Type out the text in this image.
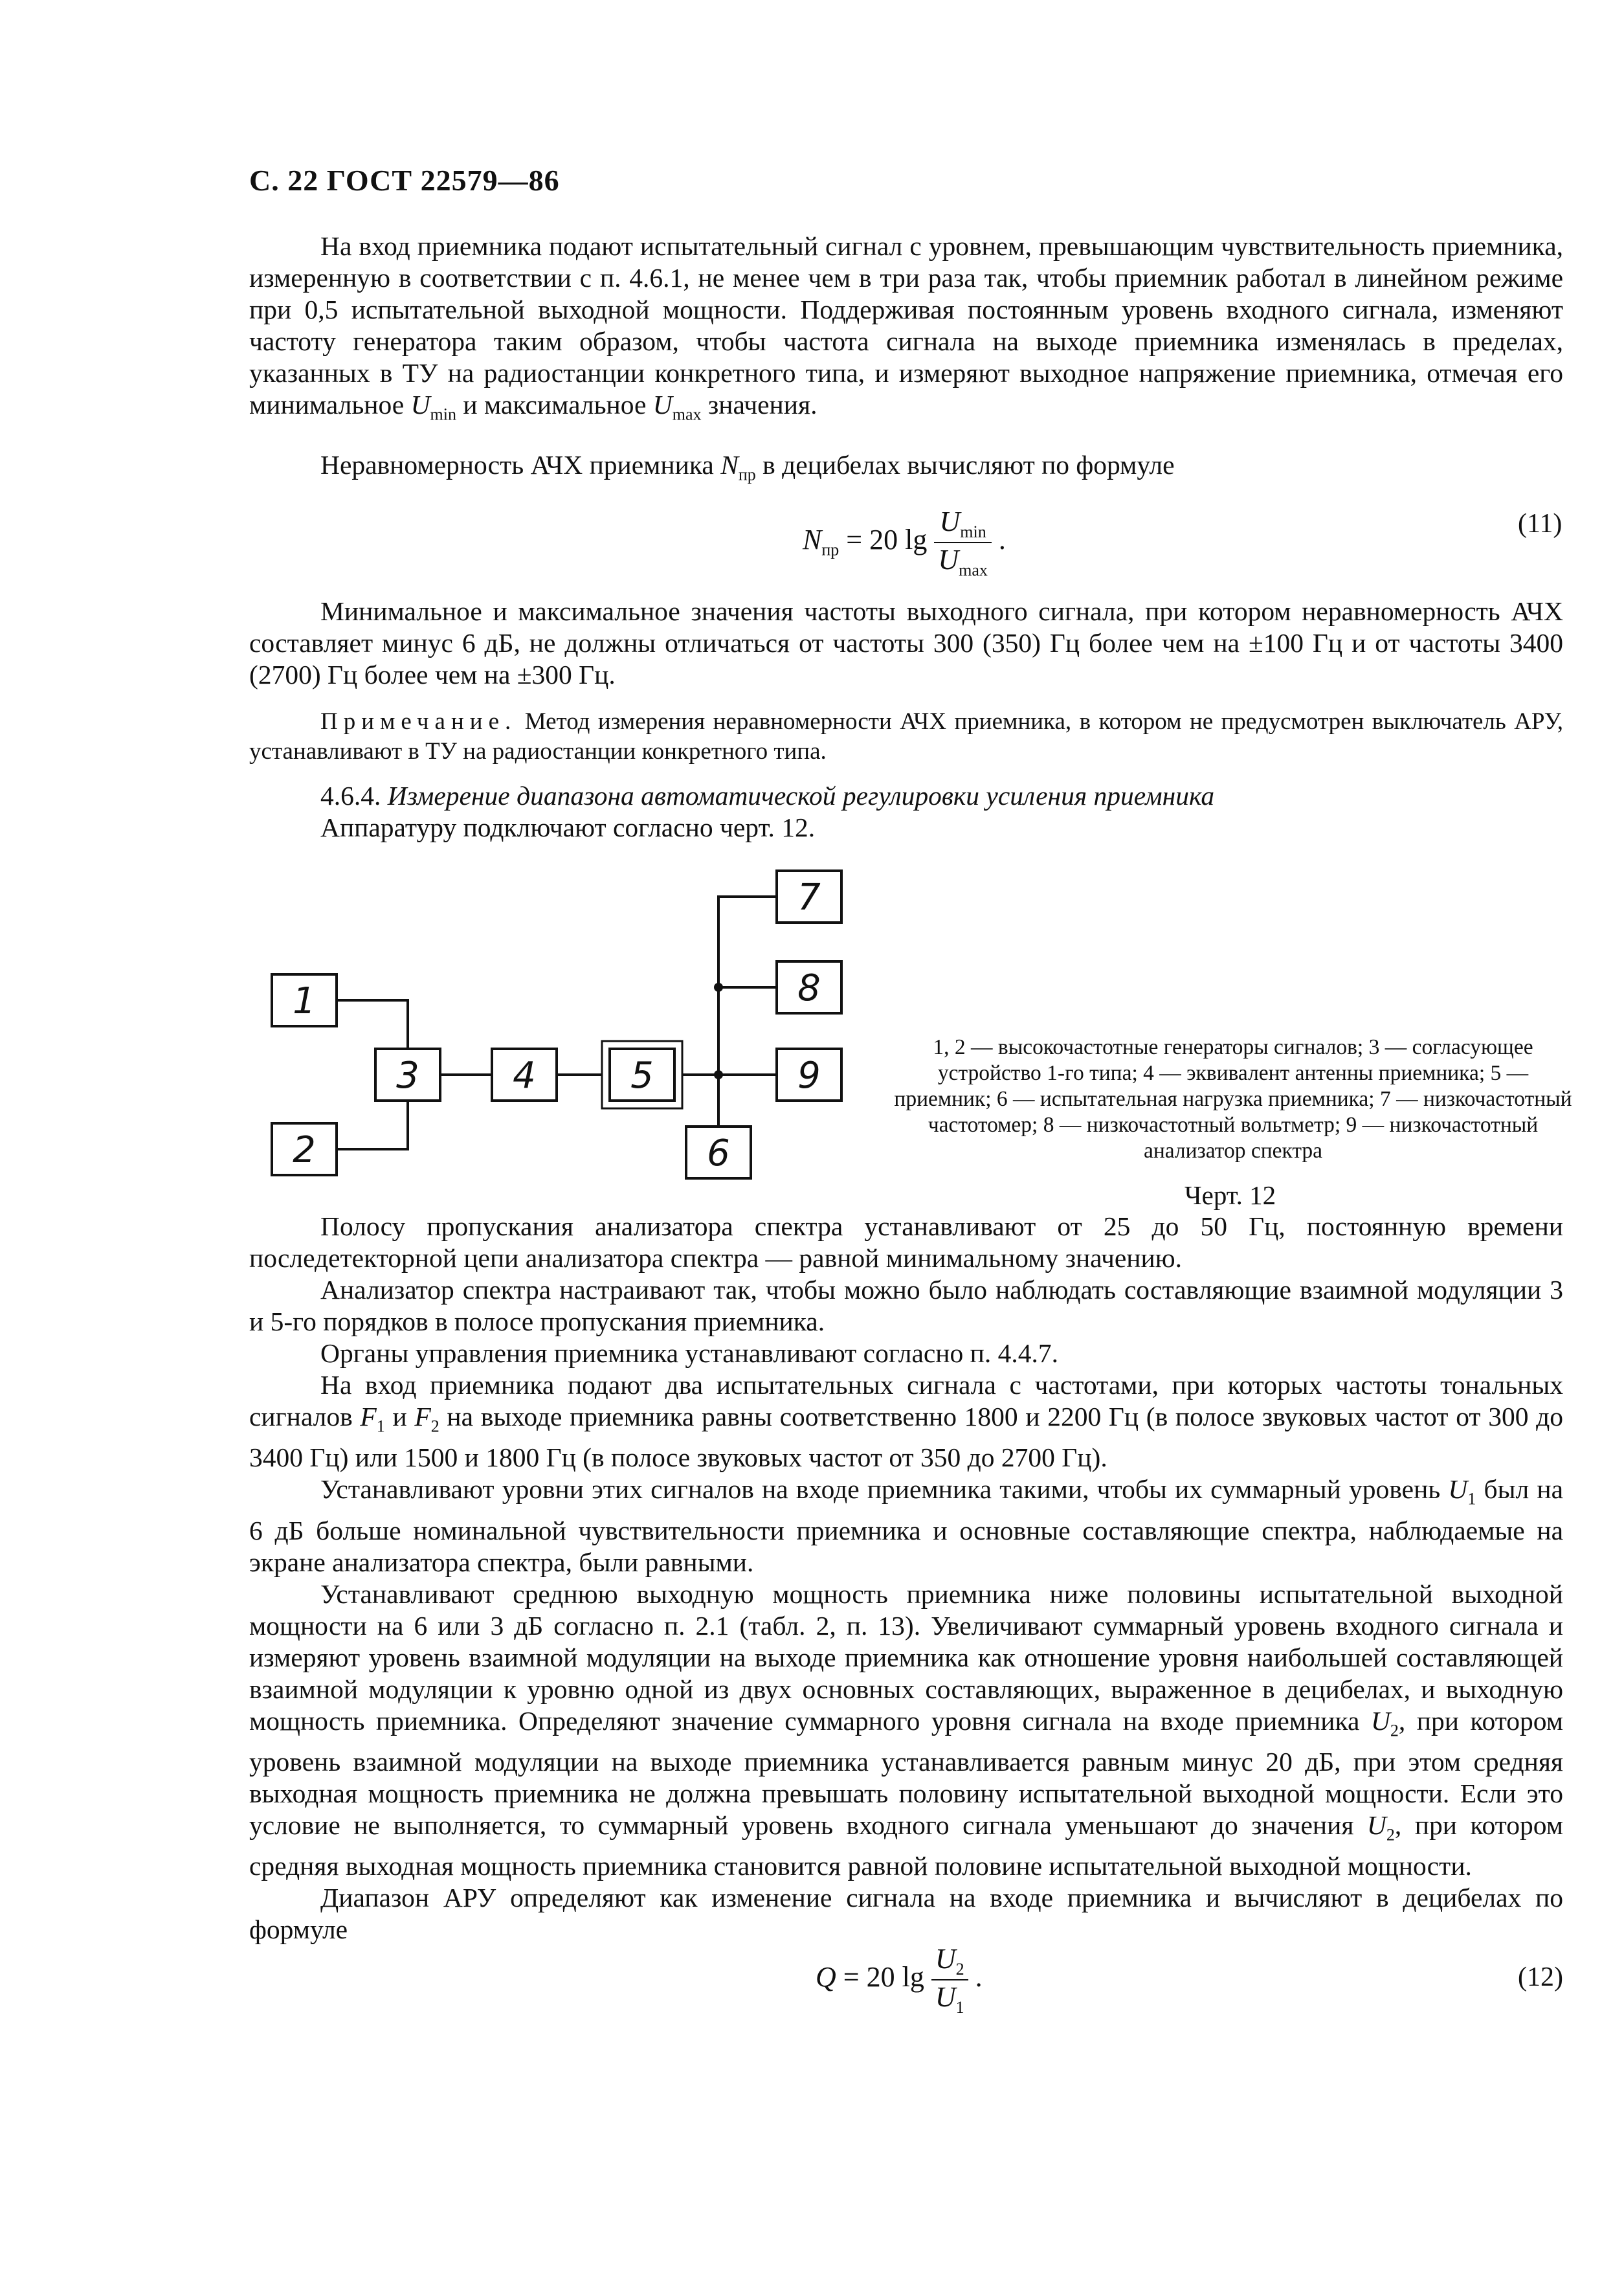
С. 22 ГОСТ 22579—86
На вход приемника подают испытательный сигнал с уровнем, превышающим чувствительность приемника, измеренную в соответствии с п. 4.6.1, не менее чем в три раза так, чтобы приемник работал в линейном режиме при 0,5 испытательной выходной мощности. Поддерживая постоянным уровень входного сигнала, изменяют частоту генератора таким образом, чтобы частота сигнала на выходе приемника изменялась в пределах, указанных в ТУ на радиостанции конкретного типа, и измеряют выходное напряжение приемника, отмечая его минимальное $U_{min}$ и максимальное $U_{max}$ значения.
Неравномерность АЧХ приемника $N_{пр}$ в децибелах вычисляют по формуле
$N_{пр} = 20$ $\lg \frac{U_{min}}{U_{max}}$ .	(11)
Минимальное и максимальное значения частоты выходного сигнала, при котором неравномерность АЧХ составляет минус 6 дБ, не должны отличаться от частоты 300 (350) Гц более чем на ±100 Гц и от частоты 3400 (2700) Гц более чем на ±300 Гц.
Примечание. Метод измерения неравномерности АЧХ приемника, в котором не предусмотрен выключатель АРУ, устанавливают в ТУ на радиостанции конкретного типа.
4.6.4. Измерение диапазона автоматической регулировки усиления приемника
Аппаратуру подключают согласно черт. 12.
1
2
3	4	5
6
7
8
9
1, 2 — высокочастотные генераторы сигналов; 3 — согласующее устройство 1-го типа; 4 — эквивалент антенны приемника; 5 — приемник; 6 — испытательная нагрузка приемника; 7 — низкочастотный частотомер; 8 — низкочастотный вольтметр; 9 — низкочастотный анализатор спектра
Черт. 12
Полосу пропускания анализатора спектра устанавливают от 25 до 50 Гц, постоянную времени последетекторной цепи анализатора спектра — равной минимальному значению.
Анализатор спектра настраивают так, чтобы можно было наблюдать составляющие взаимной модуляции 3 и 5-го порядков в полосе пропускания приемника.
Органы управления приемника устанавливают согласно п. 4.4.7.
На вход приемника подают два испытательных сигнала с частотами, при которых частоты тональных сигналов $F_1$ и $F_2$ на выходе приемника равны соответственно 1800 и 2200 Гц (в полосе звуковых частот от 300 до 3400 Гц) или 1500 и 1800 Гц (в полосе звуковых частот от 350 до 2700 Гц).
Устанавливают уровни этих сигналов на входе приемника такими, чтобы их суммарный уровень $U_1$ был на 6 дБ больше номинальной чувствительности приемника и основные составляющие спектра, наблюдаемые на экране анализатора спектра, были равными.
Устанавливают среднюю выходную мощность приемника ниже половины испытательной выходной мощности на 6 или 3 дБ согласно п. 2.1 (табл. 2, п. 13). Увеличивают суммарный уровень входного сигнала и измеряют уровень взаимной модуляции на выходе приемника как отношение уровня наибольшей составляющей взаимной модуляции к уровню одной из двух основных составляющих, выраженное в децибелах, и выходную мощность приемника. Определяют значение суммарного уровня сигнала на входе приемника $U_2$, при котором уровень взаимной модуляции на выходе приемника устанавливается равным минус 20 дБ, при этом средняя выходная мощность приемника не должна превышать половину испытательной выходной мощности. Если это условие не выполняется, то суммарный уровень входного сигнала уменьшают до значения $U_2$, при котором средняя выходная мощность приемника становится равной половине испытательной выходной мощности.
Диапазон АРУ определяют как изменение сигнала на входе приемника и вычисляют в децибелах по формуле
Q = 20 $\lg \frac{U_2}{U_1}$ .	(12)
